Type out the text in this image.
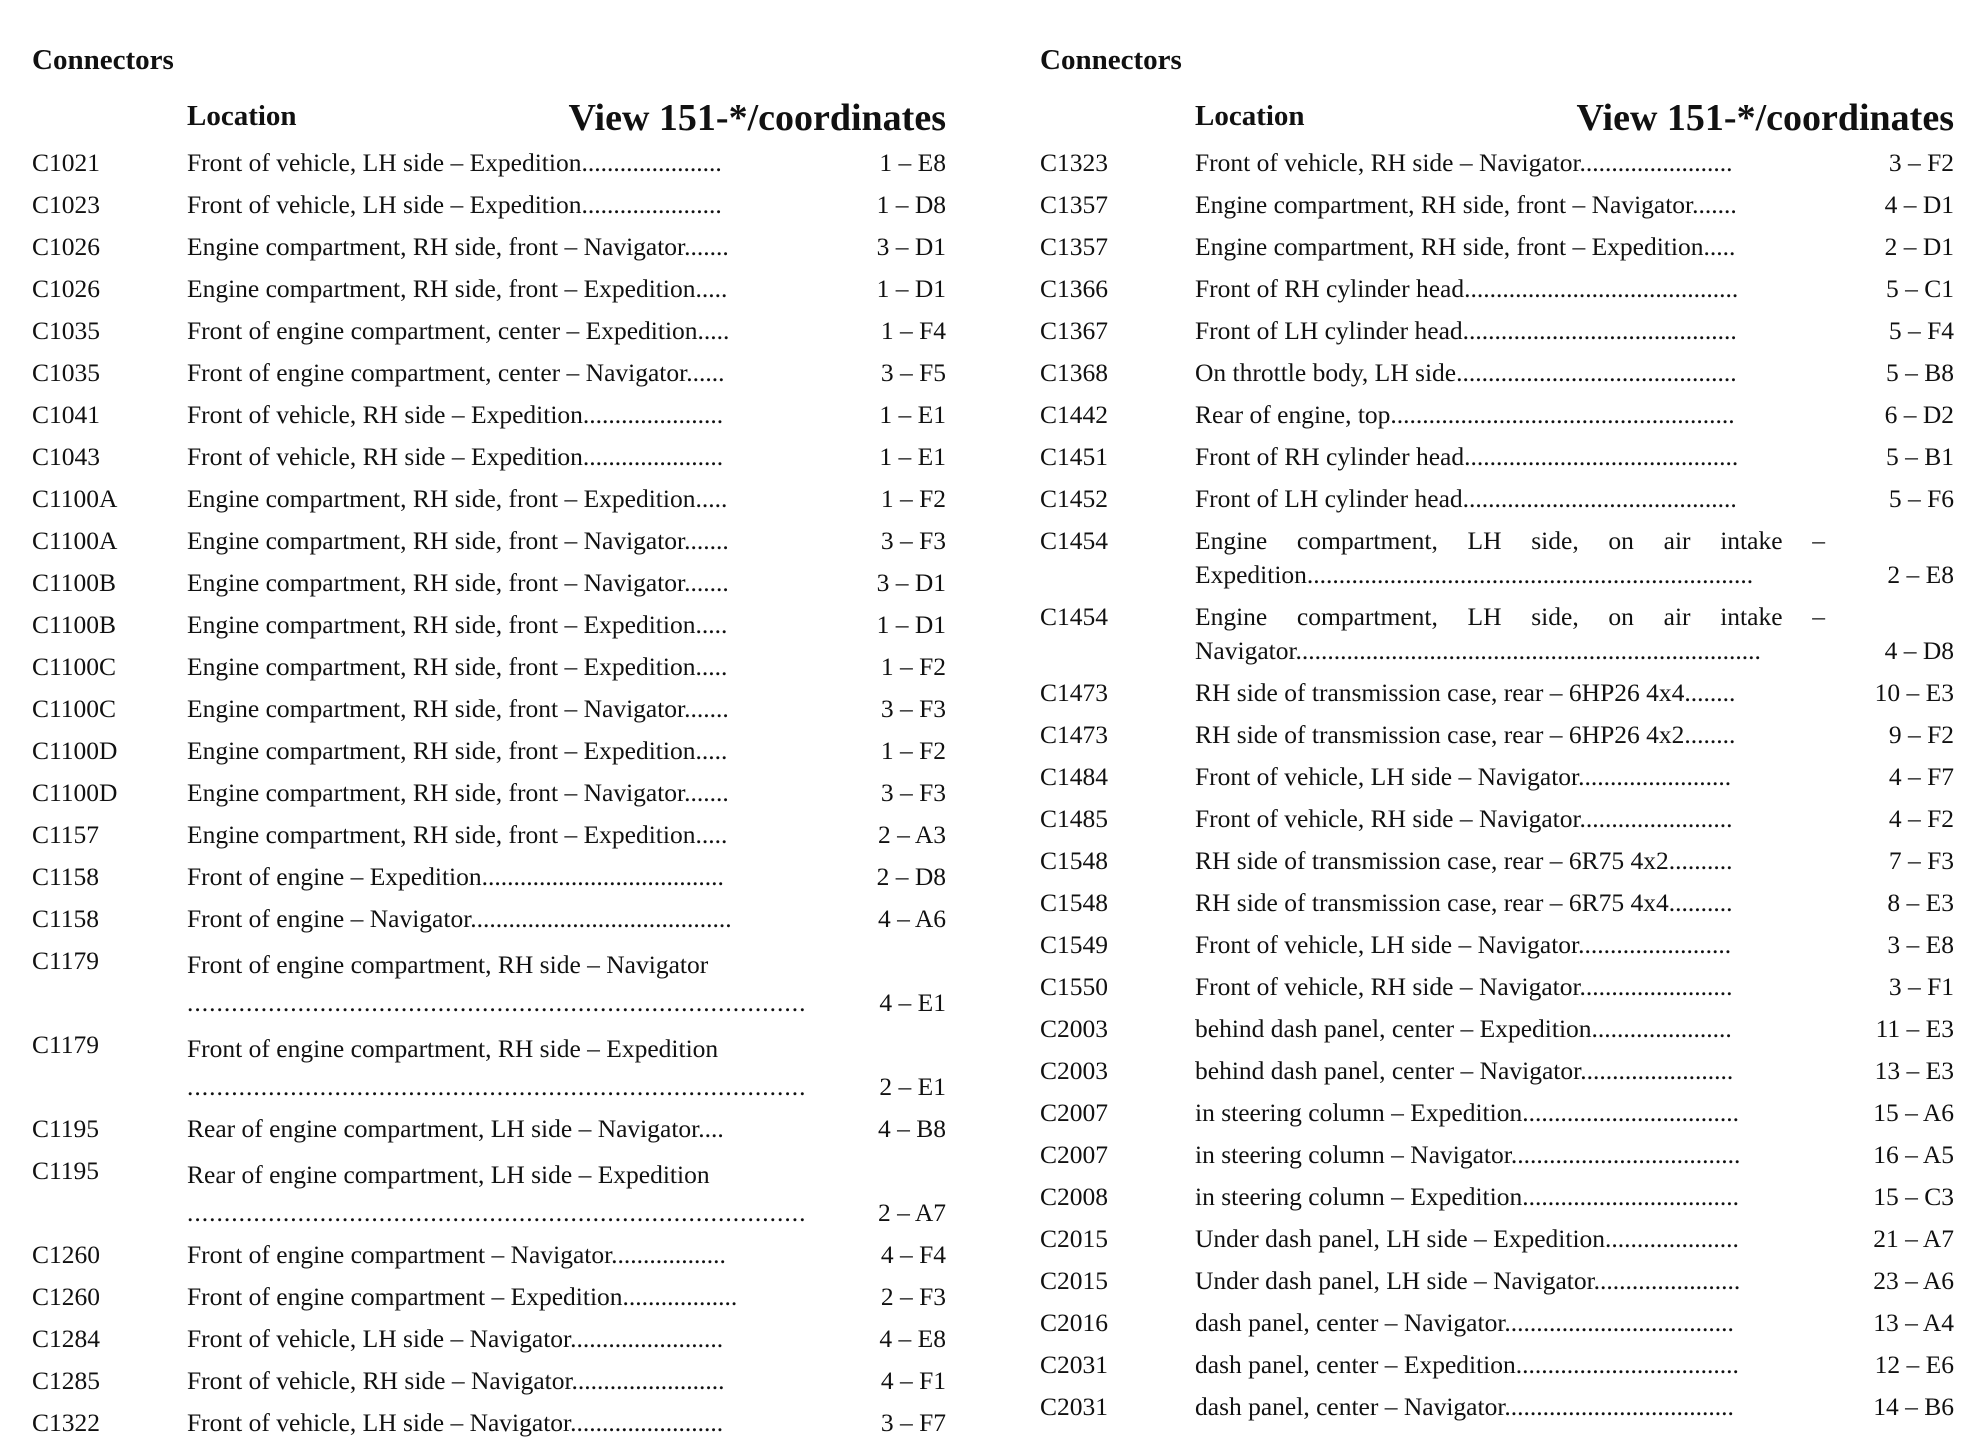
Connectors
Location	View 151-*/coordinates
C1021	Front of vehicle, LH side – Expedition......................	1 – E8
C1023	Front of vehicle, LH side – Expedition......................	1 – D8
C1026	Engine compartment, RH side, front – Navigator.......	3 – D1
C1026	Engine compartment, RH side, front – Expedition.....	1 – D1
C1035	Front of engine compartment, center – Expedition.....	1 – F4
C1035	Front of engine compartment, center – Navigator......	3 – F5
C1041	Front of vehicle, RH side – Expedition......................	1 – E1
C1043	Front of vehicle, RH side – Expedition......................	1 – E1
C1100A	Engine compartment, RH side, front – Expedition.....	1 – F2
C1100A	Engine compartment, RH side, front – Navigator.......	3 – F3
C1100B	Engine compartment, RH side, front – Navigator.......	3 – D1
C1100B	Engine compartment, RH side, front – Expedition.....	1 – D1
C1100C	Engine compartment, RH side, front – Expedition.....	1 – F2
C1100C	Engine compartment, RH side, front – Navigator.......	3 – F3
C1100D	Engine compartment, RH side, front – Expedition.....	1 – F2
C1100D	Engine compartment, RH side, front – Navigator.......	3 – F3
C1157	Engine compartment, RH side, front – Expedition.....	2 – A3
C1158	Front of engine – Expedition......................................	2 – D8
C1158	Front of engine – Navigator.........................................	4 – A6
C1179	Front of engine compartment, RH side – Navigator
....................................................................................	4 – E1
C1179	Front of engine compartment, RH side – Expedition
....................................................................................	2 – E1
C1195	Rear of engine compartment, LH side – Navigator....	4 – B8
C1195	Rear of engine compartment, LH side – Expedition
....................................................................................	2 – A7
C1260	Front of engine compartment – Navigator..................	4 – F4
C1260	Front of engine compartment – Expedition..................	2 – F3
C1284	Front of vehicle, LH side – Navigator........................	4 – E8
C1285	Front of vehicle, RH side – Navigator........................	4 – F1
C1322	Front of vehicle, LH side – Navigator........................	3 – F7
Connectors
Location	View 151-*/coordinates
C1323	Front of vehicle, RH side – Navigator........................	3 – F2
C1357	Engine compartment, RH side, front – Navigator.......	4 – D1
C1357	Engine compartment, RH side, front – Expedition.....	2 – D1
C1366	Front of RH cylinder head...........................................	5 – C1
C1367	Front of LH cylinder head...........................................	5 – F4
C1368	On throttle body, LH side............................................	5 – B8
C1442	Rear of engine, top......................................................	6 – D2
C1451	Front of RH cylinder head...........................................	5 – B1
C1452	Front of LH cylinder head...........................................	5 – F6
C1454	Engine compartment, LH side, on air intake – Expedition......................................................................	2 – E8
C1454	Engine compartment, LH side, on air intake – Navigator.........................................................................	4 – D8
C1473	RH side of transmission case, rear – 6HP26 4x4........	10 – E3
C1473	RH side of transmission case, rear – 6HP26 4x2........	9 – F2
C1484	Front of vehicle, LH side – Navigator........................	4 – F7
C1485	Front of vehicle, RH side – Navigator........................	4 – F2
C1548	RH side of transmission case, rear – 6R75 4x2..........	7 – F3
C1548	RH side of transmission case, rear – 6R75 4x4..........	8 – E3
C1549	Front of vehicle, LH side – Navigator........................	3 – E8
C1550	Front of vehicle, RH side – Navigator........................	3 – F1
C2003	behind dash panel, center – Expedition......................	11 – E3
C2003	behind dash panel, center – Navigator........................	13 – E3
C2007	in steering column – Expedition..................................	15 – A6
C2007	in steering column – Navigator....................................	16 – A5
C2008	in steering column – Expedition..................................	15 – C3
C2015	Under dash panel, LH side – Expedition.....................	21 – A7
C2015	Under dash panel, LH side – Navigator.......................	23 – A6
C2016	dash panel, center – Navigator....................................	13 – A4
C2031	dash panel, center – Expedition...................................	12 – E6
C2031	dash panel, center – Navigator....................................	14 – B6
